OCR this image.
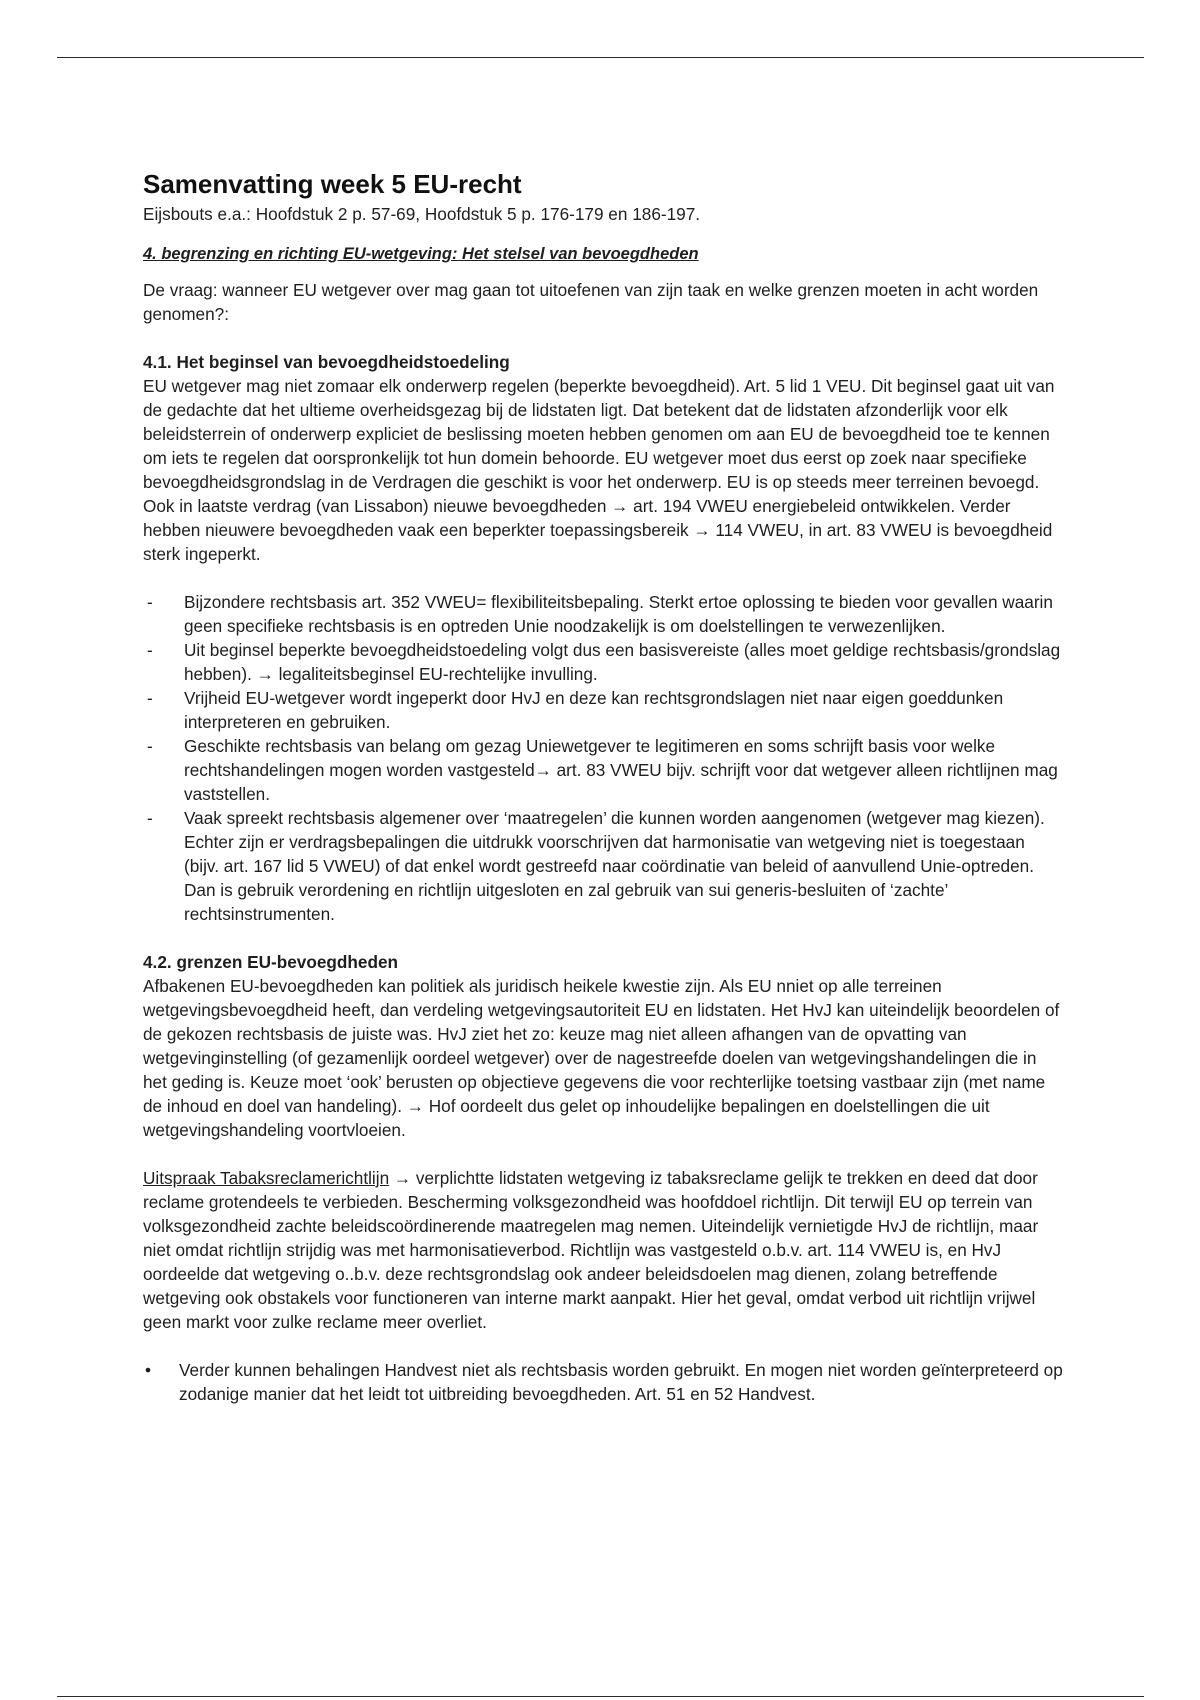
Samenvatting week 5 EU-recht

Eijsbouts e.a.: Hoofdstuk 2 p. 57-69, Hoofdstuk 5 p. 176-179 en 186-197.

4. begrenzing en richting EU-wetgeving: Het stelsel van bevoegdheden

De vraag: wanneer EU wetgever over mag gaan tot uitoefenen van zijn taak en welke grenzen moeten in acht worden genomen?:

4.1. Het beginsel van bevoegdheidstoedeling

EU wetgever mag niet zomaar elk onderwerp regelen (beperkte bevoegdheid). Art. 5 lid 1 VEU. Dit beginsel gaat uit van de gedachte dat het ultieme overheidsgezag bij de lidstaten ligt. Dat betekent dat de lidstaten afzonderlijk voor elk beleidsterrein of onderwerp expliciet de beslissing moeten hebben genomen om aan EU de bevoegdheid toe te kennen om iets te regelen dat oorspronkelijk tot hun domein behoorde. EU wetgever moet dus eerst op zoek naar specifieke bevoegdheidsgrondslag in de Verdragen die geschikt is voor het onderwerp. EU is op steeds meer terreinen bevoegd. Ook in laatste verdrag (van Lissabon) nieuwe bevoegdheden → art. 194 VWEU energiebeleid ontwikkelen. Verder hebben nieuwere bevoegdheden vaak een beperkter toepassingsbereik → 114 VWEU, in art. 83 VWEU is bevoegdheid sterk ingeperkt.

- Bijzondere rechtsbasis art. 352 VWEU= flexibiliteitsbepaling. Sterkt ertoe oplossing te bieden voor gevallen waarin geen specifieke rechtsbasis is en optreden Unie noodzakelijk is om doelstellingen te verwezenlijken.
- Uit beginsel beperkte bevoegdheidstoedeling volgt dus een basisvereiste (alles moet geldige rechtsbasis/grondslag hebben). → legaliteitsbeginsel EU-rechtelijke invulling.
- Vrijheid EU-wetgever wordt ingeperkt door HvJ en deze kan rechtsgrondslagen niet naar eigen goeddunken interpreteren en gebruiken.
- Geschikte rechtsbasis van belang om gezag Uniewetgever te legitimeren en soms schrijft basis voor welke rechtshandelingen mogen worden vastgesteld→ art. 83 VWEU bijv. schrijft voor dat wetgever alleen richtlijnen mag vaststellen.
- Vaak spreekt rechtsbasis algemener over ‘maatregelen’ die kunnen worden aangenomen (wetgever mag kiezen). Echter zijn er verdragsbepalingen die uitdrukk voorschrijven dat harmonisatie van wetgeving niet is toegestaan (bijv. art. 167 lid 5 VWEU) of dat enkel wordt gestreefd naar coördinatie van beleid of aanvullend Unie-optreden. Dan is gebruik verordening en richtlijn uitgesloten en zal gebruik van sui generis-besluiten of ‘zachte’ rechtsinstrumenten.

4.2. grenzen EU-bevoegdheden

Afbakenen EU-bevoegdheden kan politiek als juridisch heikele kwestie zijn. Als EU nniet op alle terreinen wetgevingsbevoegdheid heeft, dan verdeling wetgevingsautoriteit EU en lidstaten. Het HvJ kan uiteindelijk beoordelen of de gekozen rechtsbasis de juiste was. HvJ ziet het zo: keuze mag niet alleen afhangen van de opvatting van wetgevinginstelling (of gezamenlijk oordeel wetgever) over de nagestreefde doelen van wetgevingshandelingen die in het geding is. Keuze moet ‘ook’ berusten op objectieve gegevens die voor rechterlijke toetsing vastbaar zijn (met name de inhoud en doel van handeling). → Hof oordeelt dus gelet op inhoudelijke bepalingen en doelstellingen die uit wetgevingshandeling voortvloeien.

Uitspraak Tabaksreclamerichtlijn → verplichtte lidstaten wetgeving iz tabaksreclame gelijk te trekken en deed dat door reclame grotendeels te verbieden. Bescherming volksgezondheid was hoofddoel richtlijn. Dit terwijl EU op terrein van volksgezondheid zachte beleidscoördinerende maatregelen mag nemen. Uiteindelijk vernietigde HvJ de richtlijn, maar niet omdat richtlijn strijdig was met harmonisatieverbod. Richtlijn was vastgesteld o.b.v. art. 114 VWEU is, en HvJ oordeelde dat wetgeving o..b.v. deze rechtsgrondslag ook andeer beleidsdoelen mag dienen, zolang betreffende wetgeving ook obstakels voor functioneren van interne markt aanpakt. Hier het geval, omdat verbod uit richtlijn vrijwel geen markt voor zulke reclame meer overliet.

• Verder kunnen behalingen Handvest niet als rechtsbasis worden gebruikt. En mogen niet worden geïnterpreteerd op zodanige manier dat het leidt tot uitbreiding bevoegdheden. Art. 51 en 52 Handvest.
